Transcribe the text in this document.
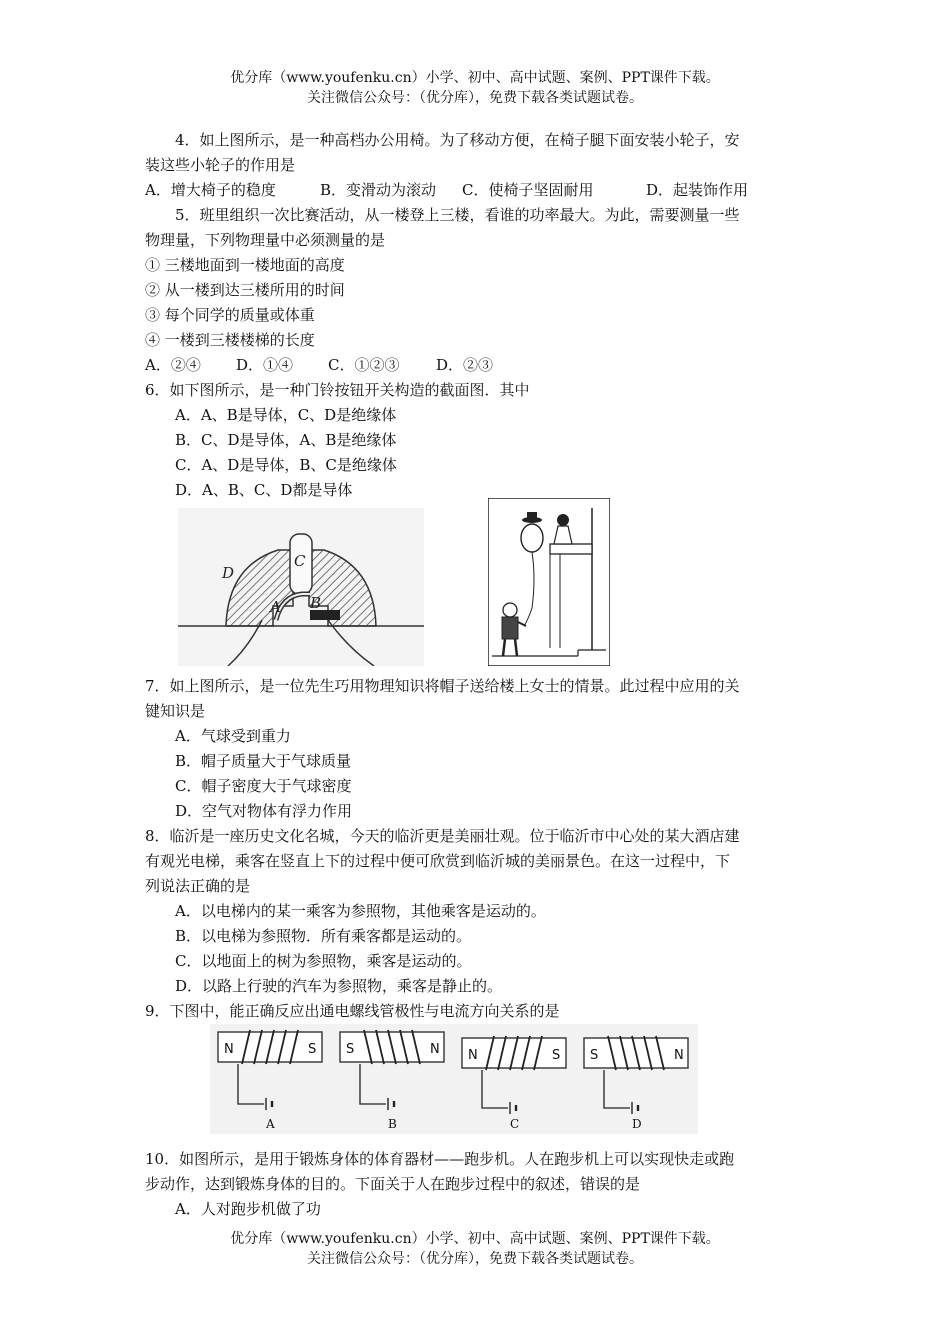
优分库（www.youfenku.cn）小学、初中、高中试题、案例、PPT课件下载。
关注微信公众号：（优分库），免费下载各类试题试卷。
4．如上图所示，是一种高档办公用椅。为了移动方便，在椅子腿下面安装小轮子，安
装这些小轮子的作用是
A．增大椅子的稳度	B．变滑动为滚动 C．使椅子坚固耐用	D．起装饰作用
5．班里组织一次比赛活动，从一楼登上三楼，看谁的功率最大。为此，需要测量一些
物理量，下列物理量中必须测量的是
① 三楼地面到一楼地面的高度
② 从一楼到达三楼所用的时间
③ 每个同学的质量或体重
④ 一楼到三楼楼梯的长度
A．②④ D．①④ C．①②③ D．②③
6．如下图所示，是一种门铃按钮开关构造的截面图．其中
A．A、B是导体，C、D是绝缘体
B．C、D是导体，A、B是绝缘体
C．A、D是导体，B、C是绝缘体
D．A、B、C、D都是导体
D
C
A B
7．如上图所示，是一位先生巧用物理知识将帽子送给楼上女士的情景。此过程中应用的关
键知识是
A．气球受到重力
B．帽子质量大于气球质量
C．帽子密度大于气球密度
D．空气对物体有浮力作用
8．临沂是一座历史文化名城，今天的临沂更是美丽壮观。位于临沂市中心处的某大酒店建
有观光电梯，乘客在竖直上下的过程中便可欣赏到临沂城的美丽景色。在这一过程中，下
列说法正确的是
A．以电梯内的某一乘客为参照物，其他乘客是运动的。
B．以电梯为参照物．所有乘客都是运动的。
C．以地面上的树为参照物，乘客是运动的。
D．以路上行驶的汽车为参照物，乘客是静止的。
9．下图中，能正确反应出通电螺线管极性与电流方向关系的是
N	S
A
S	N
B
N	S
C
S	N
D
10．如图所示，是用于锻炼身体的体育器材——跑步机。人在跑步机上可以实现快走或跑
步动作，达到锻炼身体的目的。下面关于人在跑步过程中的叙述，错误的是
A．人对跑步机做了功
优分库（www.youfenku.cn）小学、初中、高中试题、案例、PPT课件下载。
关注微信公众号：（优分库），免费下载各类试题试卷。
